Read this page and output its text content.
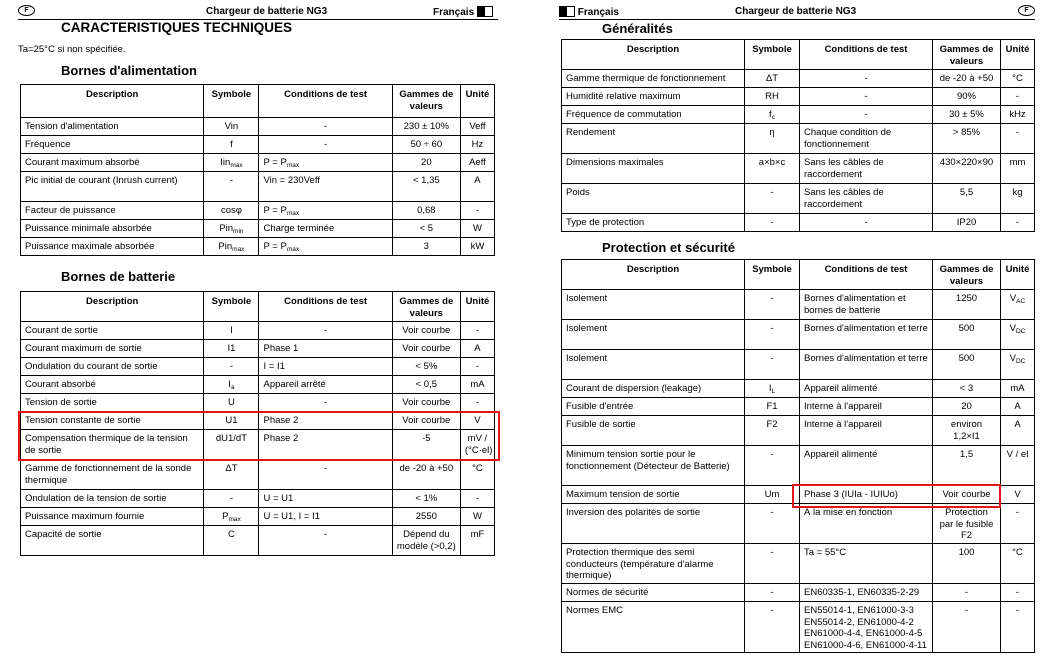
F	Chargeur de batterie NG3	Français
CARACTERISTIQUES TECHNIQUES
Ta=25°C si non spécifiée.
Bornes d'alimentation
Description	Symbole	Conditions de test	Gammes de valeurs	Unité
Tension d'alimentation	Vin	-	230 ± 10%	Veff
Fréquence	f	-	50 ÷ 60	Hz
Courant maximum absorbé	Iin$_{max}$	$P = P_{max}$	20	Aeff
Pic initial de courant (Inrush current)	-	Vin = 230Veff	< 1,35	A
Facteur de puissance	cosφ	$P = P_{max}$	0,68	-
Puissance minimale absorbée	Pin$_{min}$	Charge terminée	< 5	W
Puissance maximale absorbée	Pin$_{max}$	$P = P_{max}$	3	kW
Bornes de batterie
Description	Symbole	Conditions de test	Gammes de valeurs	Unité
Courant de sortie	I	-	Voir courbe	-
Courant maximum de sortie	I1	Phase 1	Voir courbe	A
Ondulation du courant de sortie	-	I = I1	< 5%	-
Courant absorbé	$I_a$	Appareil arrêté	< 0,5	mA
Tension de sortie	U	-	Voir courbe	-
Tension constante de sortie	U1	Phase 2	Voir courbe	V
Compensation thermique de la tension de sortie	dU1/dT	Phase 2	-5	mV / (°C·el)
Gamme de fonctionnement de la sonde thermique	ΔT	-	de -20 à +50	°C
Ondulation de la tension de sortie	-	U = U1	< 1%	-
Puissance maximum fournie	$P_{max}$	U = U1, I = I1	2550	W
Capacité de sortie	C	-	Dépend du modèle (>0,2)	mF
Français	Chargeur de batterie NG3	F
Généralités
Description	Symbole	Conditions de test	Gammes de valeurs	Unité
Gamme thermique de fonctionnement	ΔT	-	de -20 à +50	°C
Humidité relative maximum	RH	-	90%	-
Fréquence de commutation	$f_c$	-	30 ± 5%	kHz
Rendement	η	Chaque condition de fonctionnement	> 85%	-
Dimensions maximales	a×b×c	Sans les câbles de raccordement	430×220×90	mm
Poids	-	Sans les câbles de raccordement	5,5	kg
Type de protection	-	-	IP20	-
Protection et sécurité
Description	Symbole	Conditions de test	Gammes de valeurs	Unité
Isolement	-	Bornes d'alimentation et bornes de batterie	1250	$V_{AC}$
Isolement	-	Bornes d'alimentation et terre	500	$V_{DC}$
Isolement	-	Bornes d'alimentation et terre	500	$V_{DC}$
Courant de dispersion (leakage)	$I_L$	Appareil alimenté	< 3	mA
Fusible d'entrée	F1	Interne à l'appareil	20	A
Fusible de sortie	F2	Interne à l'appareil	environ 1,2×I1	A
Minimum tension sortie pour le fonctionnement (Détecteur de Batterie)	-	Appareil alimenté	1,5	V / el
Maximum tension de sortie	Um	Phase 3 (IUIa - IUIUo)	Voir courbe	V
Inversion des polarités de sortie	-	À la mise en fonction	Protection par le fusible F2	-
Protection thermique des semi conducteurs (température d'alarme thermique)	-	Ta = 55°C	100	°C
Normes de sécurité	-	EN60335-1, EN60335-2-29	-	-
Normes EMC	-	EN55014-1, EN61000-3-3 EN55014-2, EN61000-4-2 EN61000-4-4, EN61000-4-5 EN61000-4-6, EN61000-4-11	-	-
